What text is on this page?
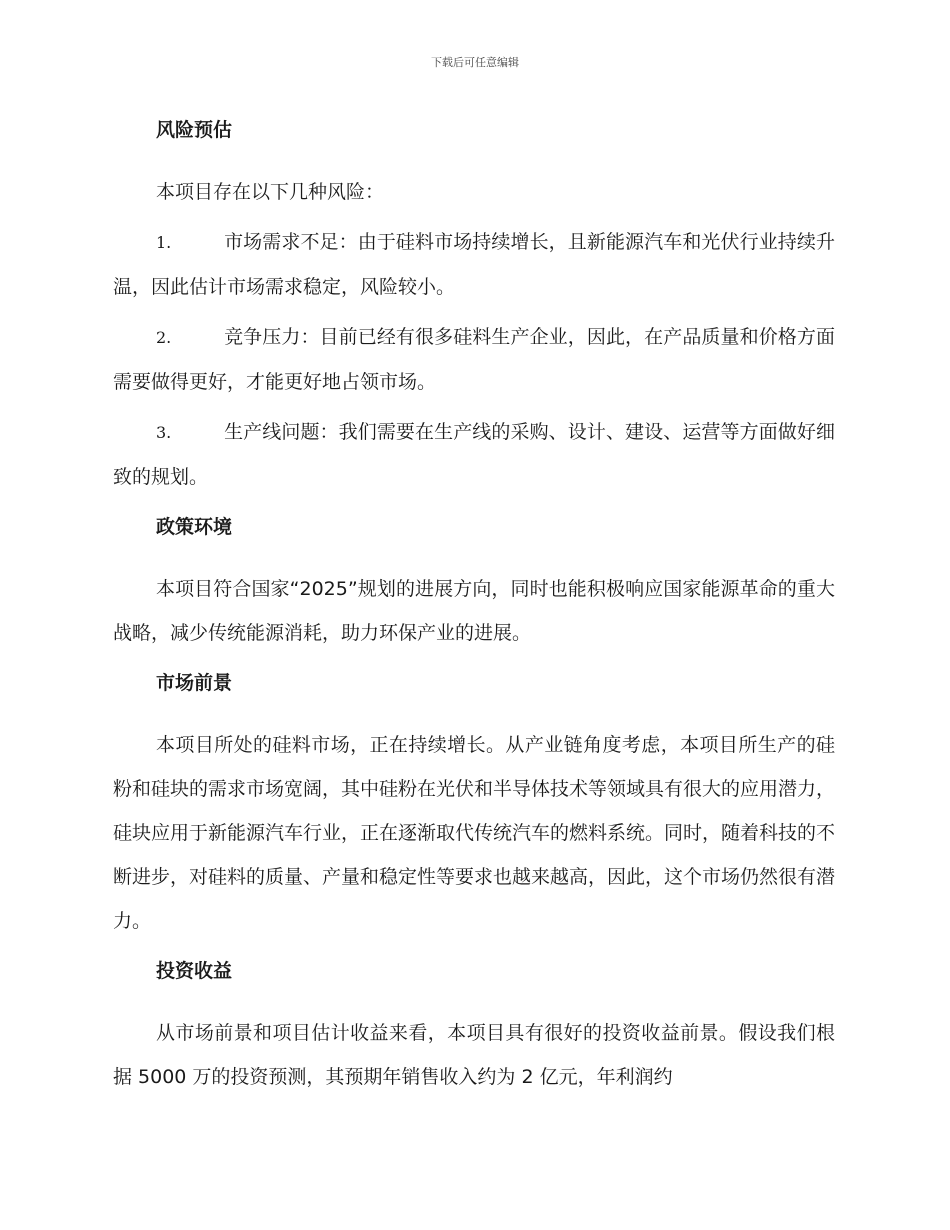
下载后可任意编辑
风险预估

本项目存在以下几种风险：

1.	市场需求不足：由于硅料市场持续增长，且新能源汽车和光伏行业持续升温，因此估计市场需求稳定，风险较小。

2.	竞争压力：目前已经有很多硅料生产企业，因此，在产品质量和价格方面需要做得更好，才能更好地占领市场。

3.	生产线问题：我们需要在生产线的采购、设计、建设、运营等方面做好细致的规划。

政策环境

本项目符合国家“2025”规划的进展方向，同时也能积极响应国家能源革命的重大战略，减少传统能源消耗，助力环保产业的进展。

市场前景

本项目所处的硅料市场，正在持续增长。从产业链角度考虑，本项目所生产的硅粉和硅块的需求市场宽阔，其中硅粉在光伏和半导体技术等领域具有很大的应用潜力，硅块应用于新能源汽车行业，正在逐渐取代传统汽车的燃料系统。同时，随着科技的不断进步，对硅料的质量、产量和稳定性等要求也越来越高，因此，这个市场仍然很有潜力。

投资收益

从市场前景和项目估计收益来看，本项目具有很好的投资收益前景。假设我们根据 5000 万的投资预测，其预期年销售收入约为 2 亿元，年利润约
